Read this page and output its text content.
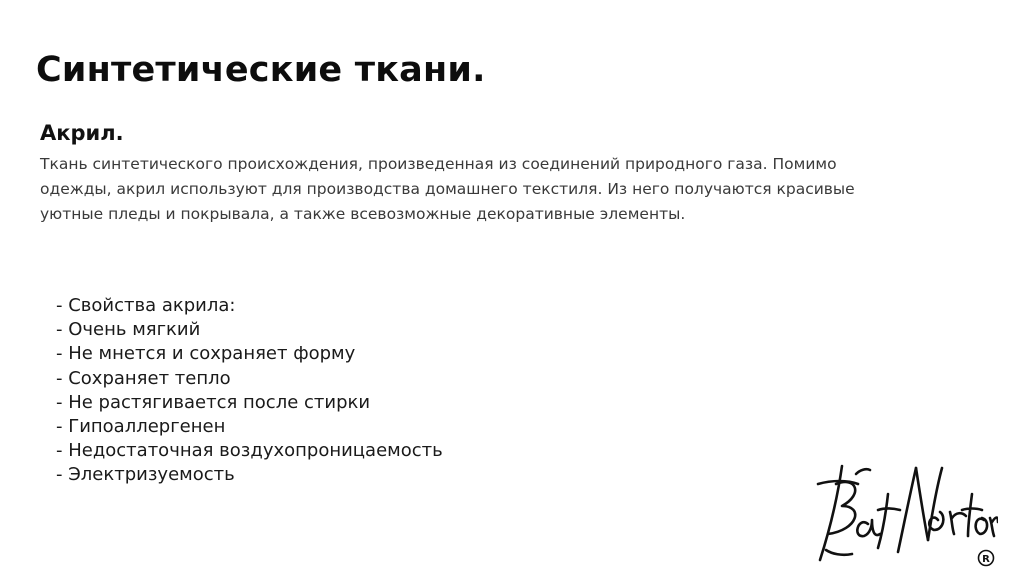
Синтетические ткани.
Акрил.
Ткань синтетического происхождения, произведенная из соединений природного газа. Помимо
одежды, акрил используют для производства домашнего текстиля. Из него получаются красивые
уютные пледы и покрывала, а также всевозможные декоративные элементы.
- Свойства акрила:
- Очень мягкий
- Не мнется и сохраняет форму
- Сохраняет тепло
- Не растягивается после стирки
- Гипоаллергенен
- Недостаточная воздухопроницаемость
- Электризуемость
R
